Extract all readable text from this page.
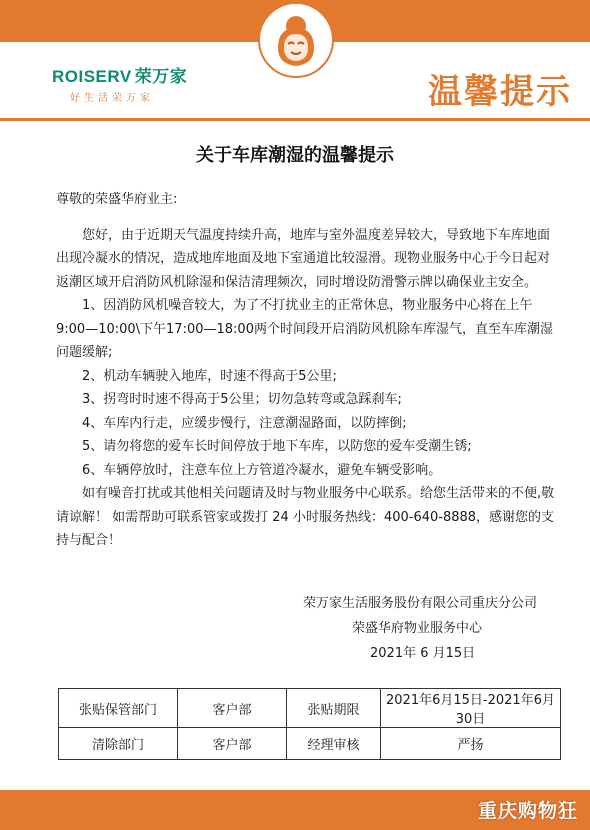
ROISERV 荣万家
好生活荣万家	温馨提示
关于车库潮湿的温馨提示

尊敬的荣盛华府业主:

您好，由于近期天气温度持续升高，地库与室外温度差异较大，导致地下车库地面出现冷凝水的情况，造成地库地面及地下室通道比较湿滑。现物业服务中心于今日起对返潮区域开启消防风机除湿和保洁清理频次，同时增设防滑警示牌以确保业主安全。

1、因消防风机噪音较大，为了不打扰业主的正常休息，物业服务中心将在上午9:00—10:00\下午17:00—18:00两个时间段开启消防风机除车库湿气，直至车库潮湿问题缓解;

2、机动车辆驶入地库，时速不得高于5公里;

3、拐弯时时速不得高于5公里；切勿急转弯或急踩刹车;

4、车库内行走，应缓步慢行，注意潮湿路面，以防摔倒;

5、请勿将您的爱车长时间停放于地下车库，以防您的爱车受潮生锈;

6、车辆停放时，注意车位上方管道冷凝水，避免车辆受影响。

如有噪音打扰或其他相关问题请及时与物业服务中心联系。给您生活带来的不便,敬请谅解！ 如需帮助可联系管家或拨打 24 小时服务热线：400-640-8888，感谢您的支持与配合！

荣万家生活服务股份有限公司重庆分公司
荣盛华府物业服务中心
2021年 6 月15日
张贴保管部门	客户部	张贴期限	2021年6月15日-2021年6月30日
清除部门	客户部	经理审核	严扬
重庆购物狂
